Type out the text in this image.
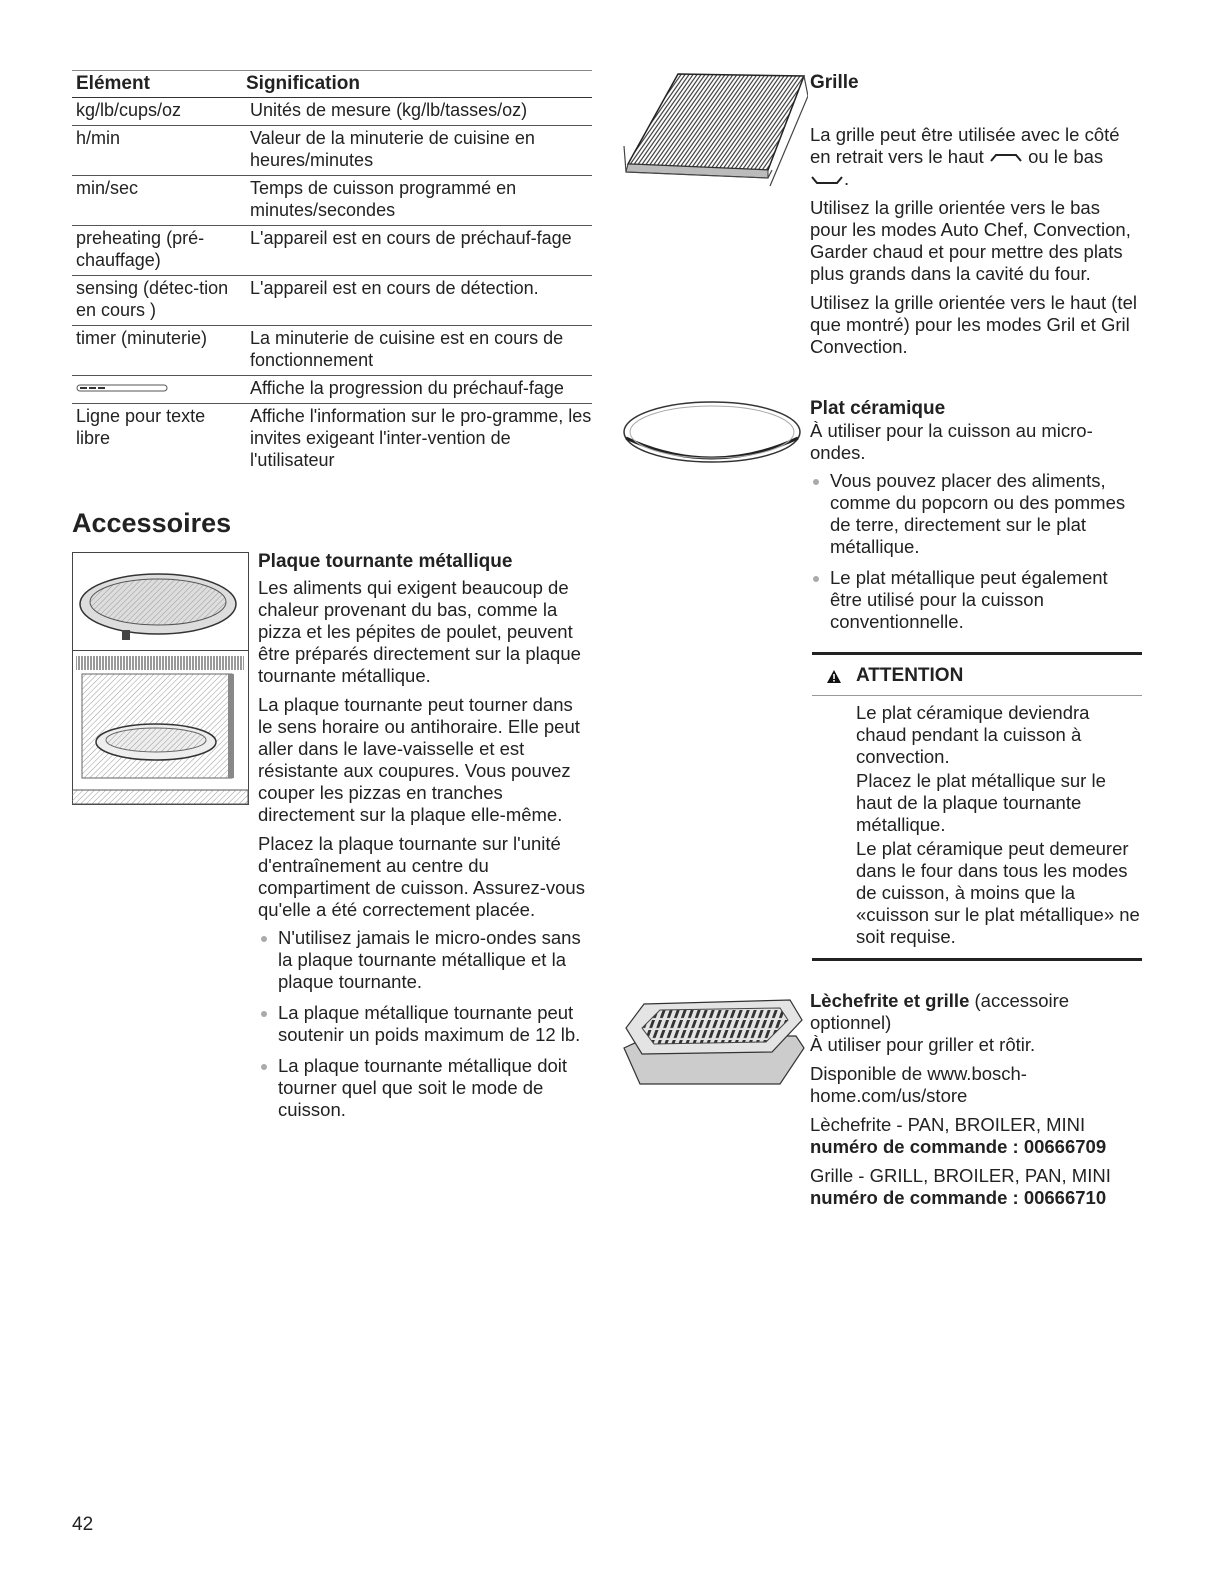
Elément	Signification
kg/lb/cups/oz	Unités de mesure (kg/lb/tasses/oz)
h/min	Valeur de la minuterie de cuisine en heures/minutes
min/sec	Temps de cuisson programmé en minutes/secondes
preheating (pré-chauffage)	L'appareil est en cours de préchauf-fage
sensing (détec-tion en cours )	L'appareil est en cours de détection.
timer (minuterie)	La minuterie de cuisine est en cours de fonctionnement
	Affiche la progression du préchauf-fage
Ligne pour texte libre	Affiche l'information sur le pro-gramme, les invites exigeant l'inter-vention de l'utilisateur
Accessoires
Plaque tournante métallique

Les aliments qui exigent beaucoup de chaleur provenant du bas, comme la pizza et les pépites de poulet, peuvent être préparés directement sur la plaque tournante métallique.

La plaque tournante peut tourner dans le sens horaire ou antihoraire. Elle peut aller dans le lave-vaisselle et est résistante aux coupures. Vous pouvez couper les pizzas en tranches directement sur la plaque elle-même.

Placez la plaque tournante sur l'unité d'entraînement au centre du compartiment de cuisson. Assurez-vous qu'elle a été correctement placée.

N'utilisez jamais le micro-ondes sans la plaque tournante métallique et la plaque tournante.
La plaque métallique tournante peut soutenir un poids maximum de 12 lb.
La plaque tournante métallique doit tourner quel que soit le mode de cuisson.
Grille

La grille peut être utilisée avec le côté en retrait vers le haut ou le bas .

Utilisez la grille orientée vers le bas pour les modes Auto Chef, Convection, Garder chaud et pour mettre des plats plus grands dans la cavité du four.

Utilisez la grille orientée vers le haut (tel que montré) pour les modes Gril et Gril Convection.

Plat céramique

À utiliser pour la cuisson au micro-ondes.

Vous pouvez placer des aliments, comme du popcorn ou des pommes de terre, directement sur le plat métallique.
Le plat métallique peut également être utilisé pour la cuisson conventionnelle.
ATTENTION

Le plat céramique deviendra chaud pendant la cuisson à convection.

Placez le plat métallique sur le haut de la plaque tournante métallique.

Le plat céramique peut demeurer dans le four dans tous les modes de cuisson, à moins que la «cuisson sur le plat métallique» ne soit requise.

Lèchefrite et grille (accessoire optionnel)

À utiliser pour griller et rôtir.

Disponible de www.bosch-home.com/us/store

Lèchefrite - PAN, BROILER, MINI
numéro de commande : 00666709

Grille - GRILL, BROILER, PAN, MINI
numéro de commande : 00666710

42
